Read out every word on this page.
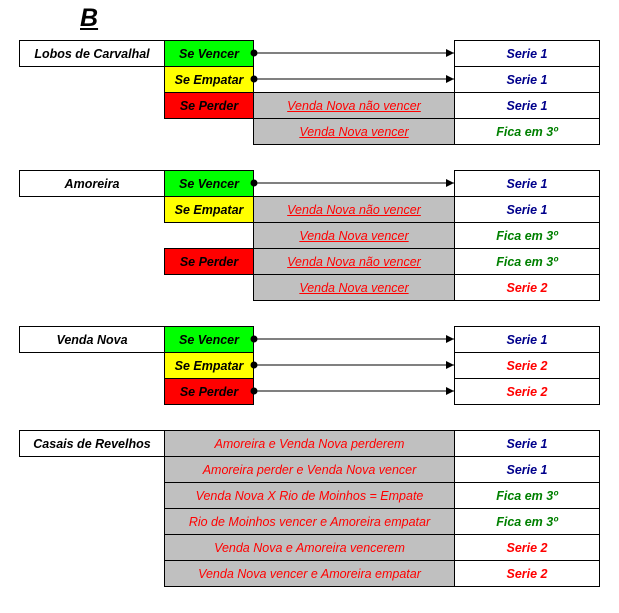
B
Lobos de Carvalhal	Se Vencer	Serie 1
Se Empatar	Serie 1
Se Perder	Venda Nova não vencer	Serie 1
Venda Nova vencer	Fica em 3º
Amoreira	Se Vencer	Serie 1
Se Empatar	Venda Nova não vencer	Serie 1
Venda Nova vencer	Fica em 3º
Se Perder	Venda Nova não vencer	Fica em 3º
Venda Nova vencer	Serie 2
Venda Nova	Se Vencer	Serie 1
Se Empatar	Serie 2
Se Perder	Serie 2
Casais de Revelhos	Amoreira e Venda Nova perderem	Serie 1
Amoreira perder e Venda Nova vencer	Serie 1
Venda Nova X Rio de Moinhos = Empate	Fica em 3º
Rio de Moinhos vencer e Amoreira empatar	Fica em 3º
Venda Nova e Amoreira vencerem	Serie 2
Venda Nova vencer e Amoreira empatar	Serie 2
